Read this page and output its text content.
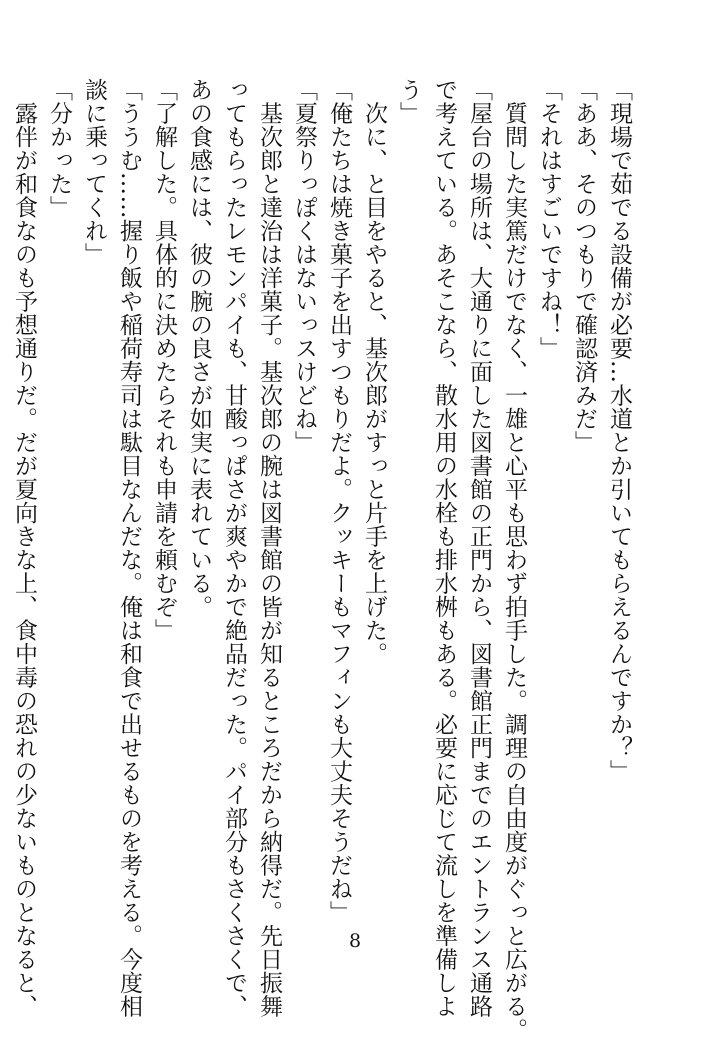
「現場で茹でる設備が必要…水道とか引いてもらえるんですか？」
「ああ、そのつもりで確認済みだ」
「それはすごいですね！」
　質問した実篤だけでなく、一雄と心平も思わず拍手した。調理の自由度がぐっと広がる。
「屋台の場所は、大通りに面した図書館の正門から、図書館正門までのエントランス通路
で考えている。あそこなら、散水用の水栓も排水桝もある。必要に応じて流しを準備しよ
う」
　次に、と目をやると、基次郎がすっと片手を上げた。
「俺たちは焼き菓子を出すつもりだよ。クッキーもマフィンも大丈夫そうだね」
「夏祭りっぽくはないっスけどね」
　基次郎と達治は洋菓子。基次郎の腕は図書館の皆が知るところだから納得だ。先日振舞
ってもらったレモンパイも、甘酸っぱさが爽やかで絶品だった。パイ部分もさくさくで、
あの食感には、彼の腕の良さが如実に表れている。
「了解した。具体的に決めたらそれも申請を頼むぞ」
「ううむ……握り飯や稲荷寿司は駄目なんだな。俺は和食で出せるものを考える。今度相
談に乗ってくれ」
「分かった」
　露伴が和食なのも予想通りだ。だが夏向きな上、食中毒の恐れの少ないものとなると、	8
